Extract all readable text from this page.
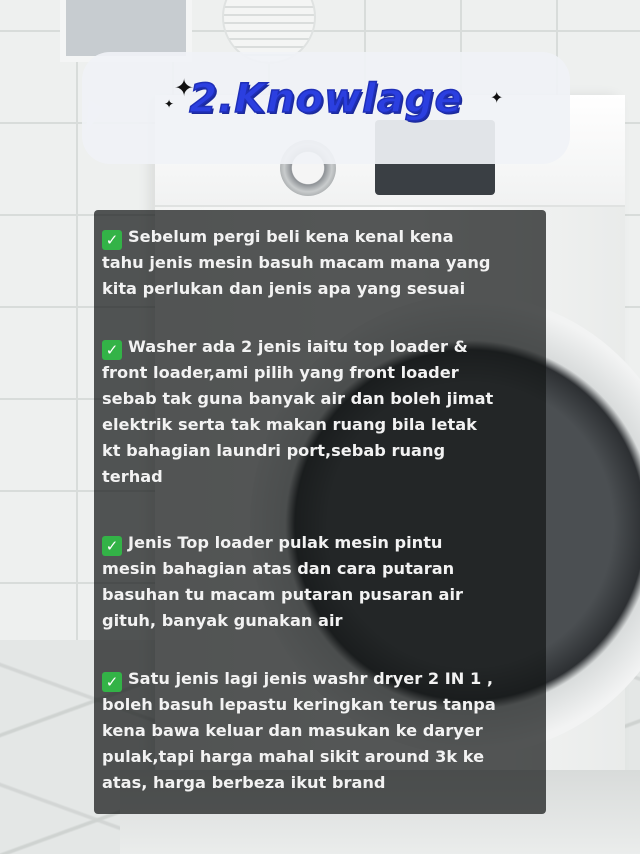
✦
✦	✦
2.Knowlage
✓ Sebelum pergi beli kena kenal kena
tahu jenis mesin basuh macam mana yang
kita perlukan dan jenis apa yang sesuai
✓ Washer ada 2 jenis iaitu top loader &
front loader,ami pilih yang front loader
sebab tak guna banyak air dan boleh jimat
elektrik serta tak makan ruang bila letak
kt bahagian laundri port,sebab ruang
terhad
✓ Jenis Top loader pulak mesin pintu
mesin bahagian atas dan cara putaran
basuhan tu macam putaran pusaran air
gituh, banyak gunakan air
✓ Satu jenis lagi jenis washr dryer 2 IN 1 ,
boleh basuh lepastu keringkan terus tanpa
kena bawa keluar dan masukan ke daryer
pulak,tapi harga mahal sikit around 3k ke
atas, harga berbeza ikut brand
